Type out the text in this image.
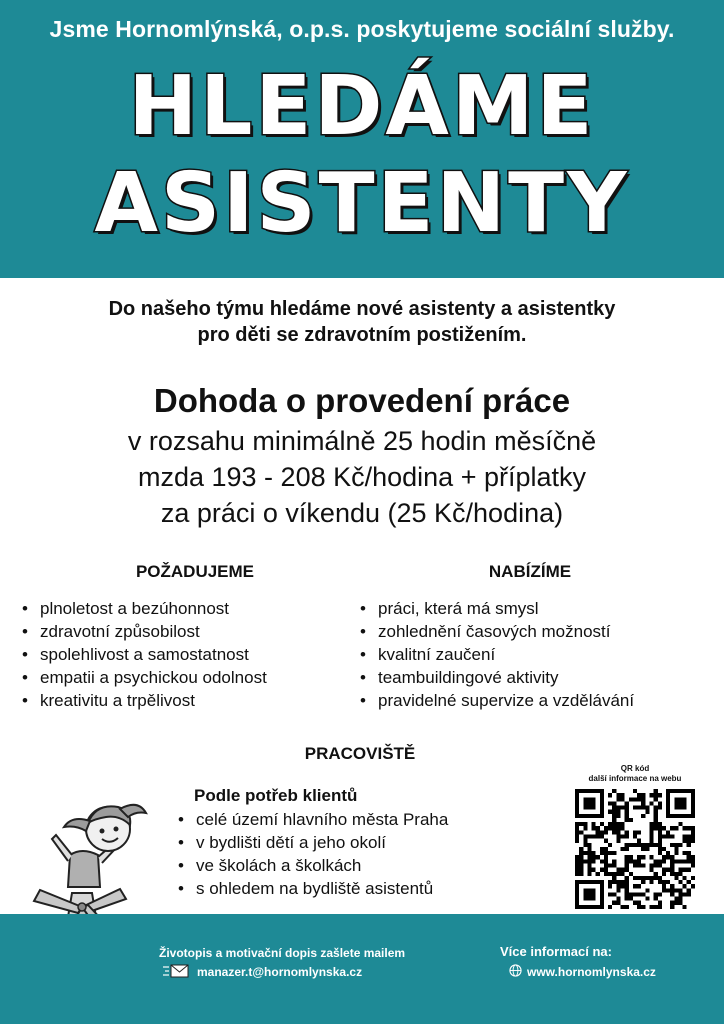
Jsme Hornomlýnská, o.p.s. poskytujeme sociální služby.
HLEDÁME
ASISTENTY
Do našeho týmu hledáme nové asistenty a asistentky
pro děti se zdravotním postižením.
Dohoda o provedení práce
v rozsahu minimálně 25 hodin měsíčně
mzda 193 - 208 Kč/hodina + příplatky
za práci o víkendu (25 Kč/hodina)
POŽADUJEME
• plnoletost a bezúhonnost
• zdravotní způsobilost
• spolehlivost a samostatnost
• empatii a psychickou odolnost
• kreativitu a trpělivost
NABÍZÍME
• práci, která má smysl
• zohlednění časových možností
• kvalitní zaučení
• teambuildingové aktivity
• pravidelné supervize a vzdělávání
PRACOVIŠTĚ
Podle potřeb klientů
• celé území hlavního města Praha
• v bydlišti dětí a jeho okolí
• ve školách a školkách
• s ohledem na bydliště asistentů
QR kód
další informace na webu
Životopis a motivační dopis zašlete mailem
manazer.t@hornomlynska.cz
Více informací na:
www.hornomlynska.cz
